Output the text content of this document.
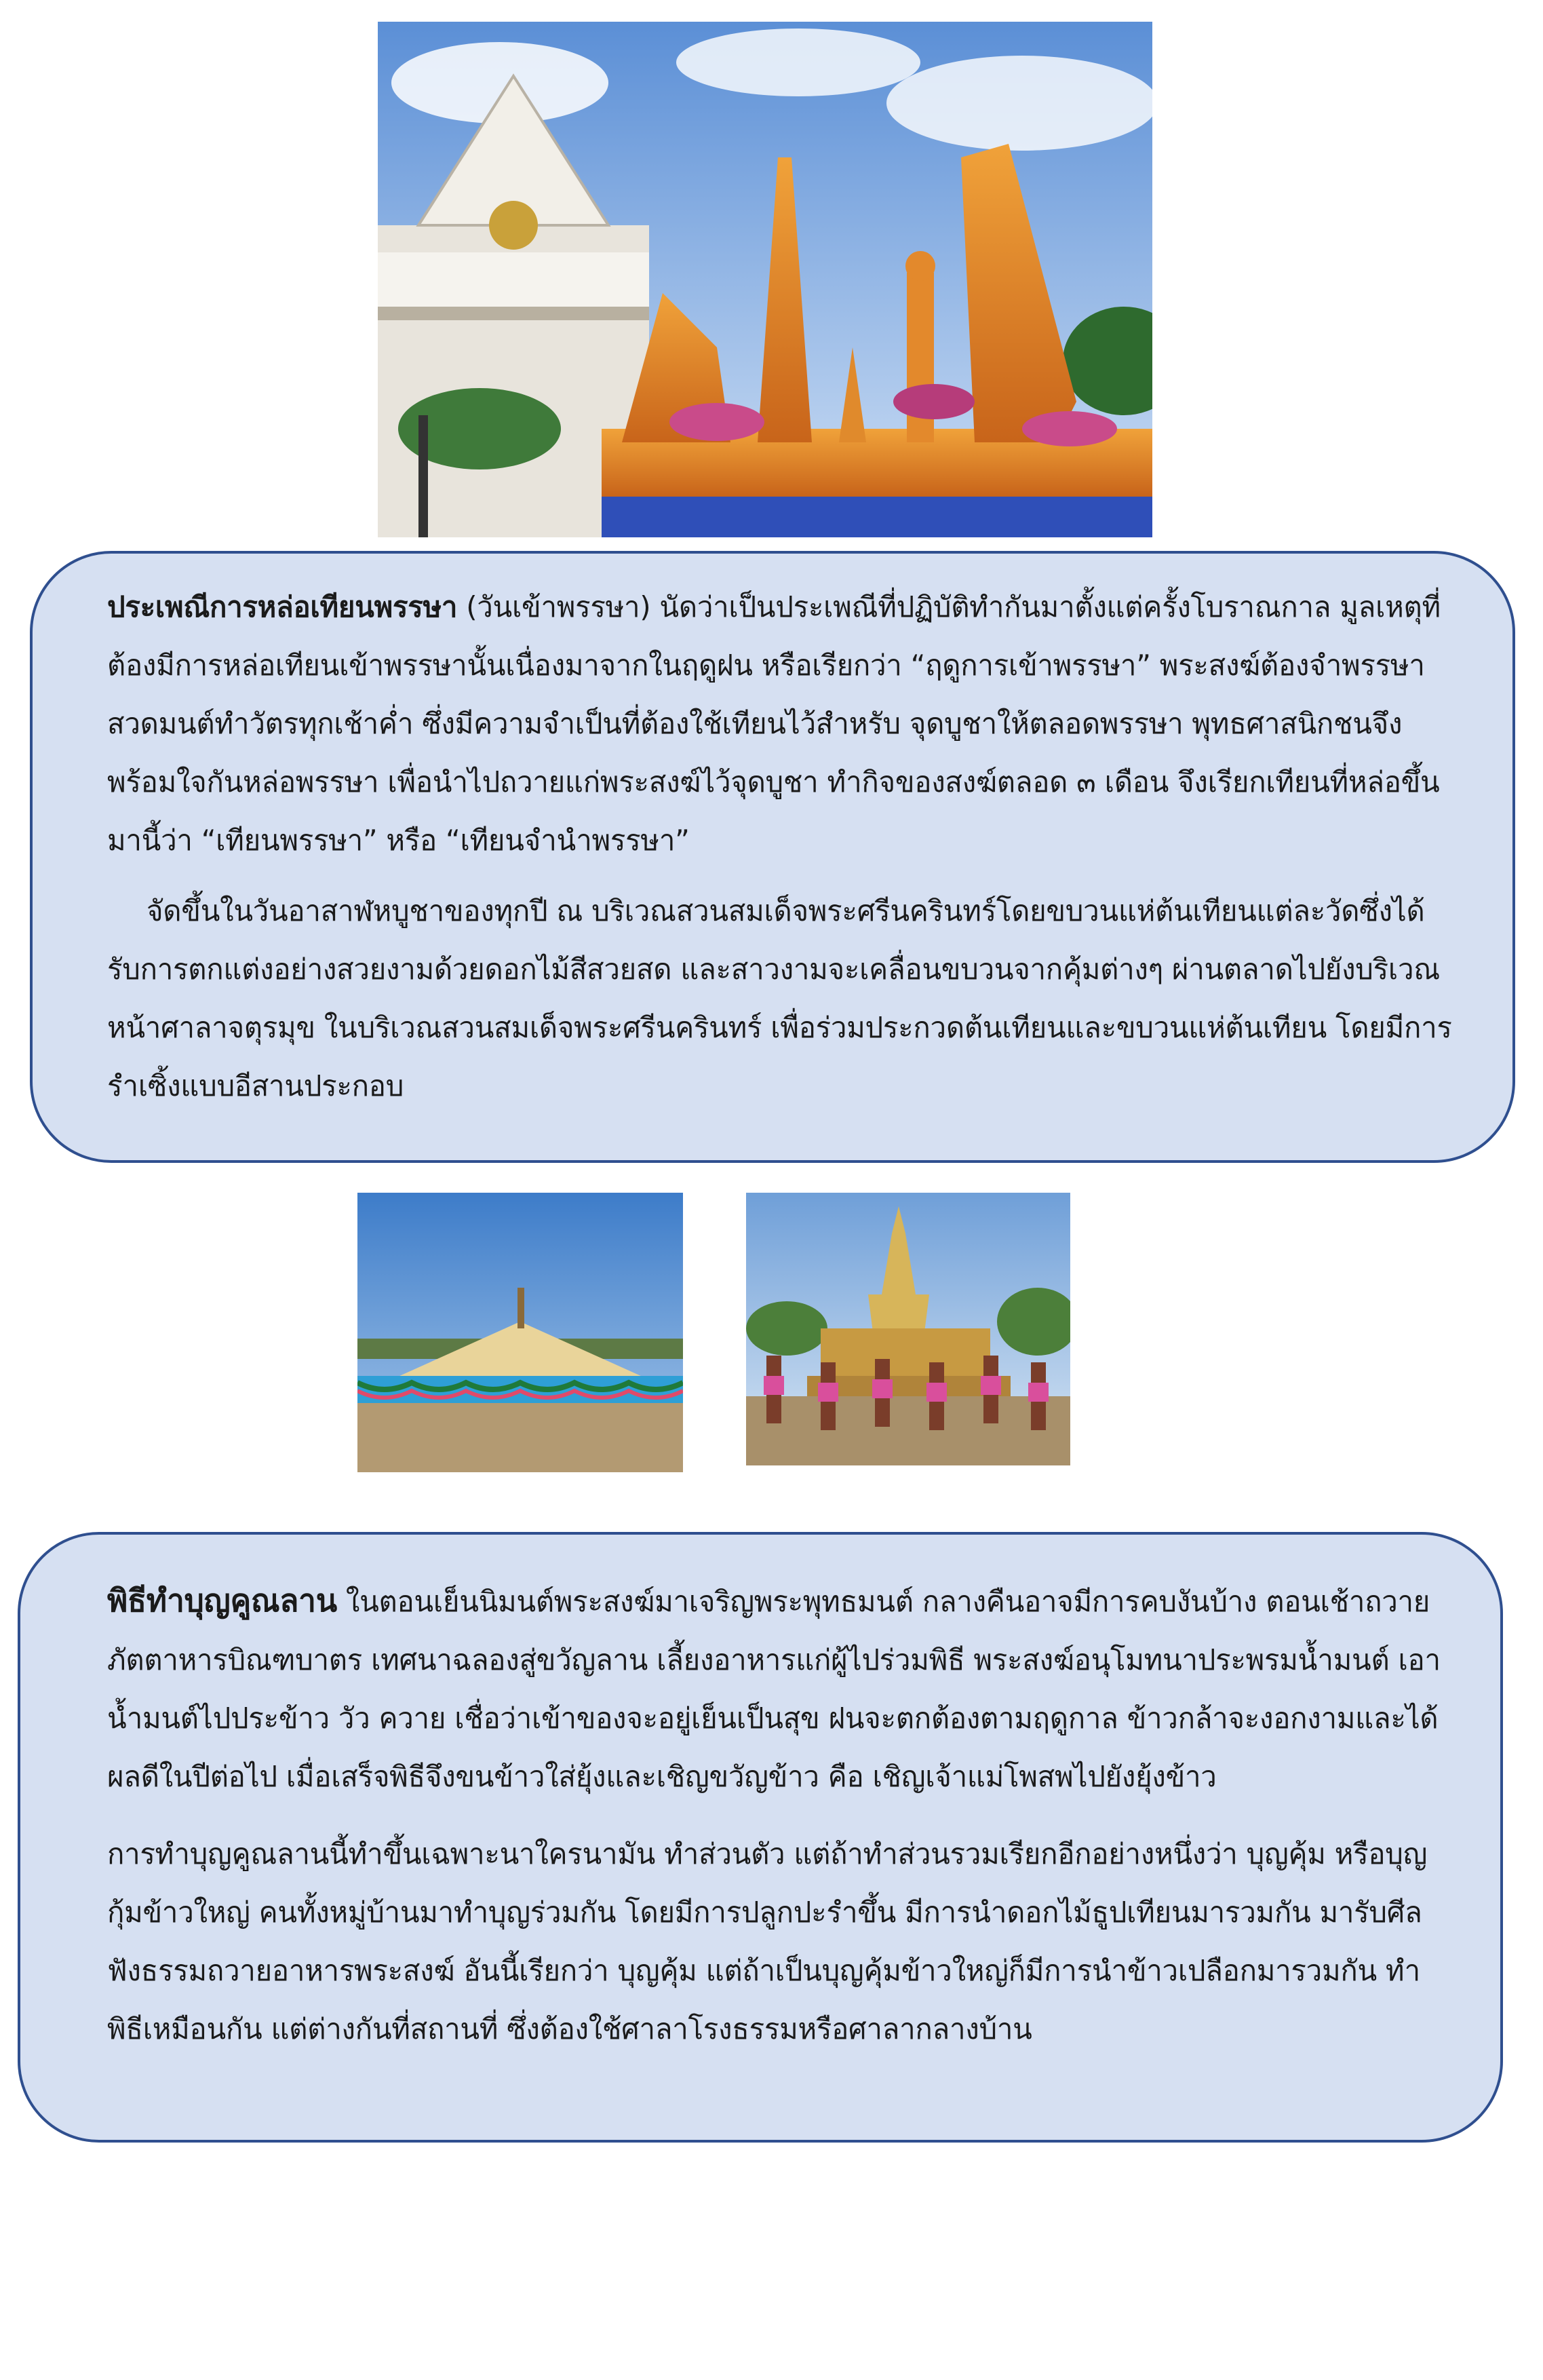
ประเพณีการหล่อเทียนพรรษา (วันเข้าพรรษา) นัดว่าเป็นประเพณีที่ปฏิบัติทำกันมาตั้งแต่ครั้งโบราณกาล มูลเหตุที่ต้องมีการหล่อเทียนเข้าพรรษานั้นเนื่องมาจากในฤดูฝน หรือเรียกว่า “ฤดูการเข้าพรรษา” พระสงฆ์ต้องจำพรรษาสวดมนต์ทำวัตรทุกเช้าค่ำ ซึ่งมีความจำเป็นที่ต้องใช้เทียนไว้สำหรับ จุดบูชาให้ตลอดพรรษา พุทธศาสนิกชนจึงพร้อมใจกันหล่อพรรษา เพื่อนำไปถวายแก่พระสงฆ์ไว้จุดบูชา ทำกิจของสงฆ์ตลอด ๓ เดือน จึงเรียกเทียนที่หล่อขึ้นมานี้ว่า “เทียนพรรษา” หรือ “เทียนจำนำพรรษา”

จัดขึ้นในวันอาสาฬหบูชาของทุกปี ณ บริเวณสวนสมเด็จพระศรีนครินทร์โดยขบวนแห่ต้นเทียนแต่ละวัดซึ่งได้รับการตกแต่งอย่างสวยงามด้วยดอกไม้สีสวยสด และสาวงามจะเคลื่อนขบวนจากคุ้มต่างๆ ผ่านตลาดไปยังบริเวณหน้าศาลาจตุรมุข ในบริเวณสวนสมเด็จพระศรีนครินทร์ เพื่อร่วมประกวดต้นเทียนและขบวนแห่ต้นเทียน โดยมีการรำเซิ้งแบบอีสานประกอบ

พิธีทำบุญคูณลาน ในตอนเย็นนิมนต์พระสงฆ์มาเจริญพระพุทธมนต์ กลางคืนอาจมีการคบงันบ้าง ตอนเช้าถวายภัตตาหารบิณฑบาตร เทศนาฉลองสู่ขวัญลาน เลี้ยงอาหารแก่ผู้ไปร่วมพิธี พระสงฆ์อนุโมทนาประพรมน้ำมนต์ เอาน้ำมนต์ไปประข้าว วัว ควาย เชื่อว่าเข้าของจะอยู่เย็นเป็นสุข ฝนจะตกต้องตามฤดูกาล ข้าวกล้าจะงอกงามและได้ผลดีในปีต่อไป เมื่อเสร็จพิธีจึงขนข้าวใส่ยุ้งและเชิญขวัญข้าว คือ เชิญเจ้าแม่โพสพไปยังยุ้งข้าว

การทำบุญคูณลานนี้ทำขึ้นเฉพาะนาใครนามัน ทำส่วนตัว แต่ถ้าทำส่วนรวมเรียกอีกอย่างหนึ่งว่า บุญคุ้ม หรือบุญกุ้มข้าวใหญ่ คนทั้งหมู่บ้านมาทำบุญร่วมกัน โดยมีการปลูกปะรำขึ้น มีการนำดอกไม้ธูปเทียนมารวมกัน มารับศีลฟังธรรมถวายอาหารพระสงฆ์ อันนี้เรียกว่า บุญคุ้ม แต่ถ้าเป็นบุญคุ้มข้าวใหญ่ก็มีการนำข้าวเปลือกมารวมกัน ทำพิธีเหมือนกัน แต่ต่างกันที่สถานที่ ซึ่งต้องใช้ศาลาโรงธรรมหรือศาลากลางบ้าน
